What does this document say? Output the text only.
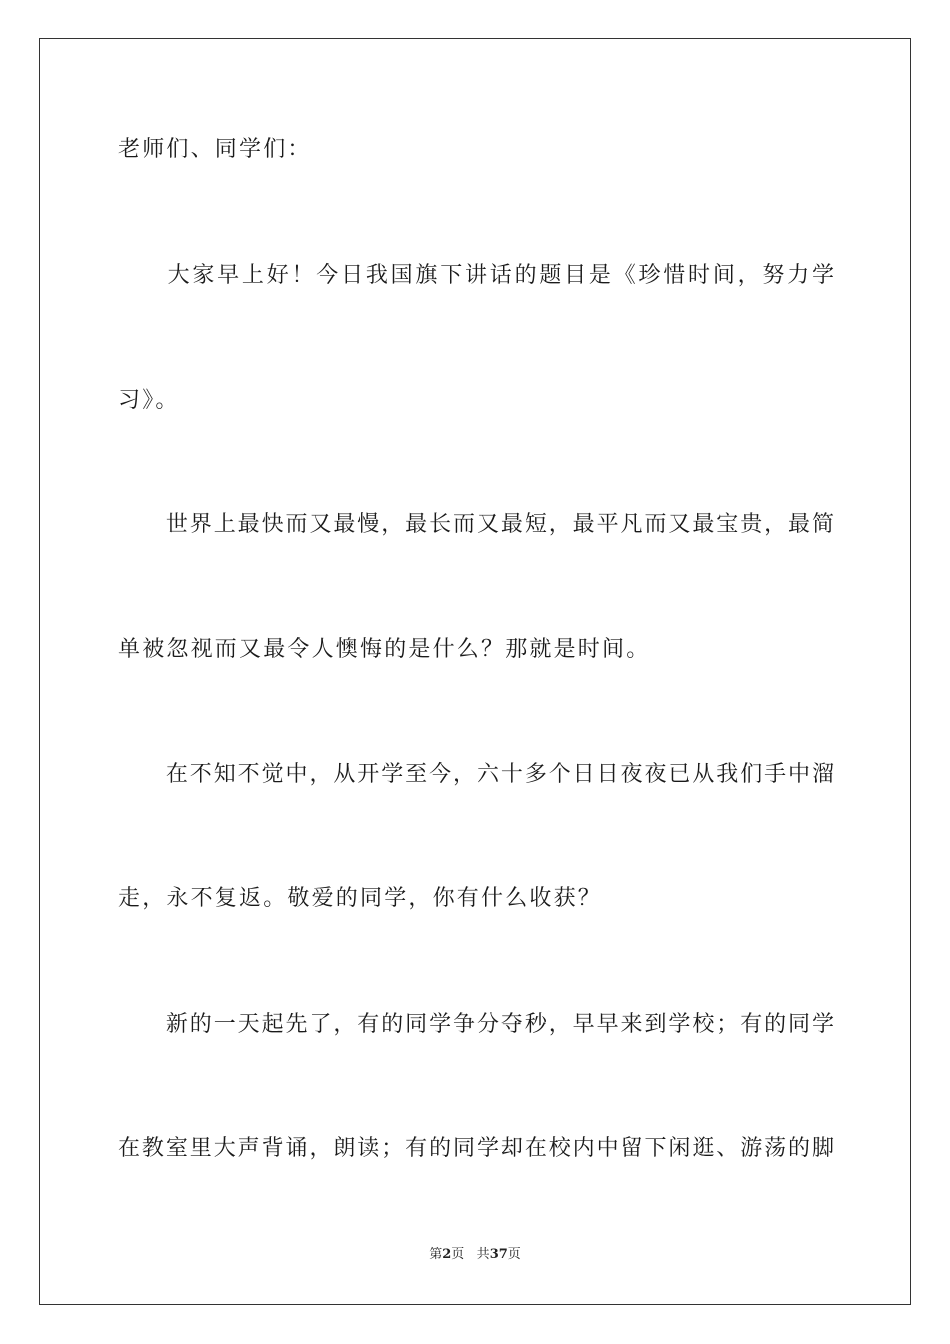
老师们、同学们：
　　大家早上好！今日我国旗下讲话的题目是《珍惜时间，努力学
习》。
　　世界上最快而又最慢，最长而又最短，最平凡而又最宝贵，最简
单被忽视而又最令人懊悔的是什么？那就是时间。
　　在不知不觉中，从开学至今，六十多个日日夜夜已从我们手中溜
走，永不复返。敬爱的同学，你有什么收获？
　　新的一天起先了，有的同学争分夺秒，早早来到学校；有的同学
在教室里大声背诵，朗读；有的同学却在校内中留下闲逛、游荡的脚
第2页 共37页
